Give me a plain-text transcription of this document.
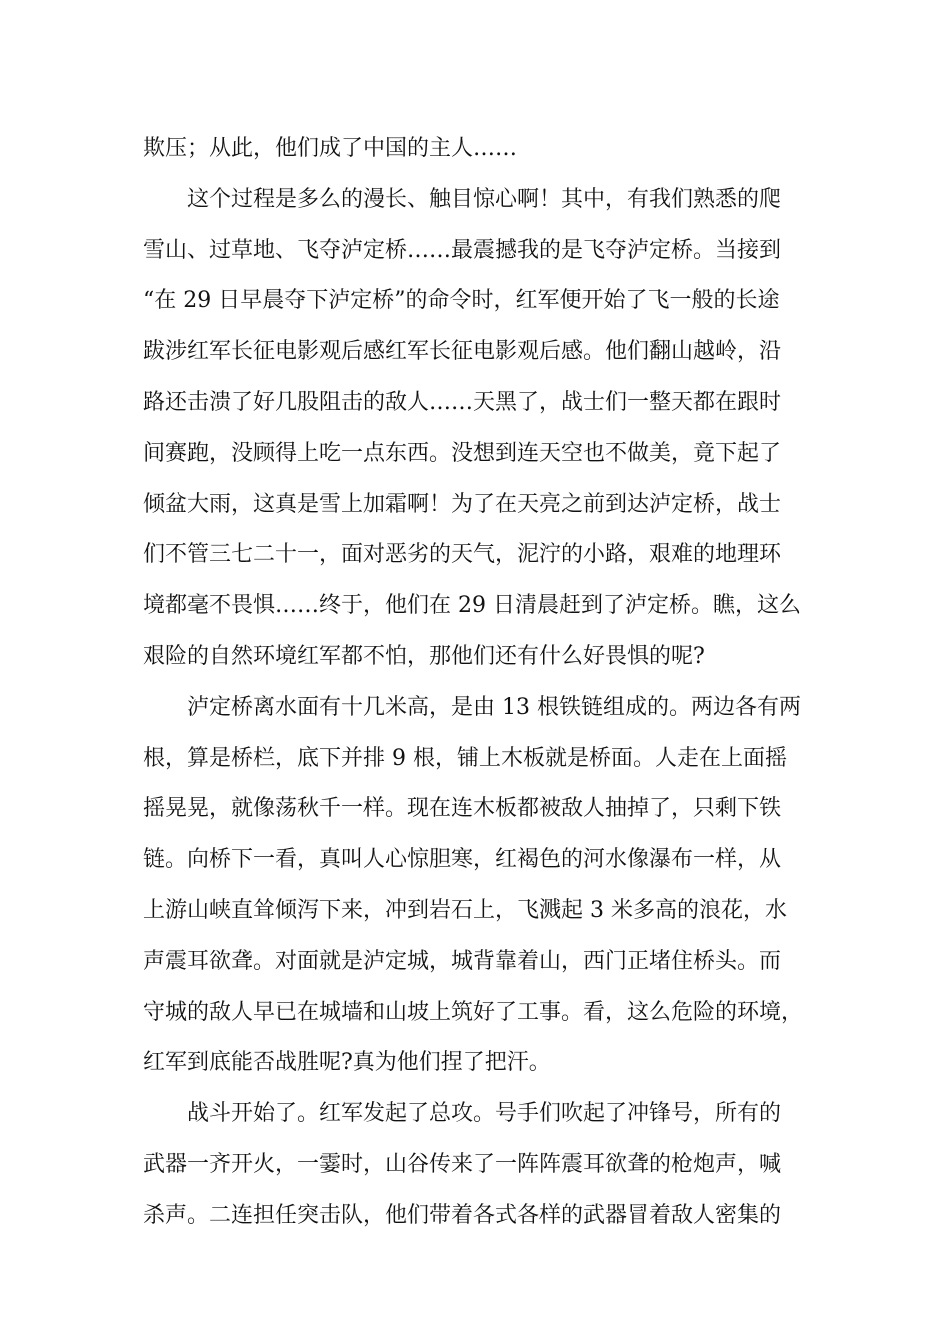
欺压；从此，他们成了中国的主人……
这个过程是多么的漫长、触目惊心啊！其中，有我们熟悉的爬
雪山、过草地、飞夺泸定桥……最震撼我的是飞夺泸定桥。当接到
“在 29 日早晨夺下泸定桥”的命令时，红军便开始了飞一般的长途
跋涉红军长征电影观后感红军长征电影观后感。他们翻山越岭，沿
路还击溃了好几股阻击的敌人……天黑了，战士们一整天都在跟时
间赛跑，没顾得上吃一点东西。没想到连天空也不做美，竟下起了
倾盆大雨，这真是雪上加霜啊！为了在天亮之前到达泸定桥，战士
们不管三七二十一，面对恶劣的天气，泥泞的小路，艰难的地理环
境都毫不畏惧……终于，他们在 29 日清晨赶到了泸定桥。瞧，这么
艰险的自然环境红军都不怕，那他们还有什么好畏惧的呢?
泸定桥离水面有十几米高，是由 13 根铁链组成的。两边各有两
根，算是桥栏，底下并排 9 根，铺上木板就是桥面。人走在上面摇
摇晃晃，就像荡秋千一样。现在连木板都被敌人抽掉了，只剩下铁
链。向桥下一看，真叫人心惊胆寒，红褐色的河水像瀑布一样，从
上游山峡直耸倾泻下来，冲到岩石上，飞溅起 3 米多高的浪花，水
声震耳欲聋。对面就是泸定城，城背靠着山，西门正堵住桥头。而
守城的敌人早已在城墙和山坡上筑好了工事。看，这么危险的环境，
红军到底能否战胜呢?真为他们捏了把汗。
战斗开始了。红军发起了总攻。号手们吹起了冲锋号，所有的
武器一齐开火，一霎时，山谷传来了一阵阵震耳欲聋的枪炮声，喊
杀声。二连担任突击队，他们带着各式各样的武器冒着敌人密集的
